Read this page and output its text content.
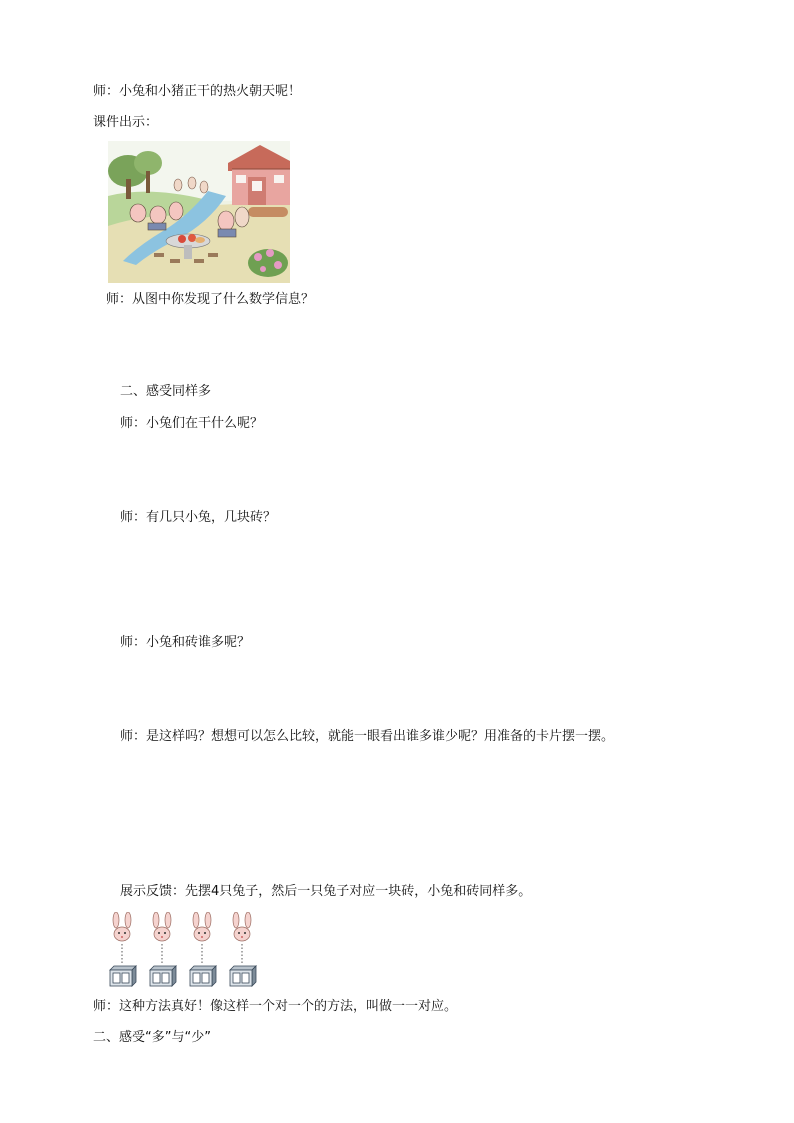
师：小兔和小猪正干的热火朝天呢！
课件出示：
师：从图中你发现了什么数学信息？
二、感受同样多
师：小兔们在干什么呢？
师：有几只小兔，几块砖？
师：小兔和砖谁多呢？
师：是这样吗？想想可以怎么比较，就能一眼看出谁多谁少呢？用准备的卡片摆一摆。
展示反馈：先摆4只兔子，然后一只兔子对应一块砖，小兔和砖同样多。
师：这种方法真好！像这样一个对一个的方法，叫做一一对应。
二、感受“多”与“少”
